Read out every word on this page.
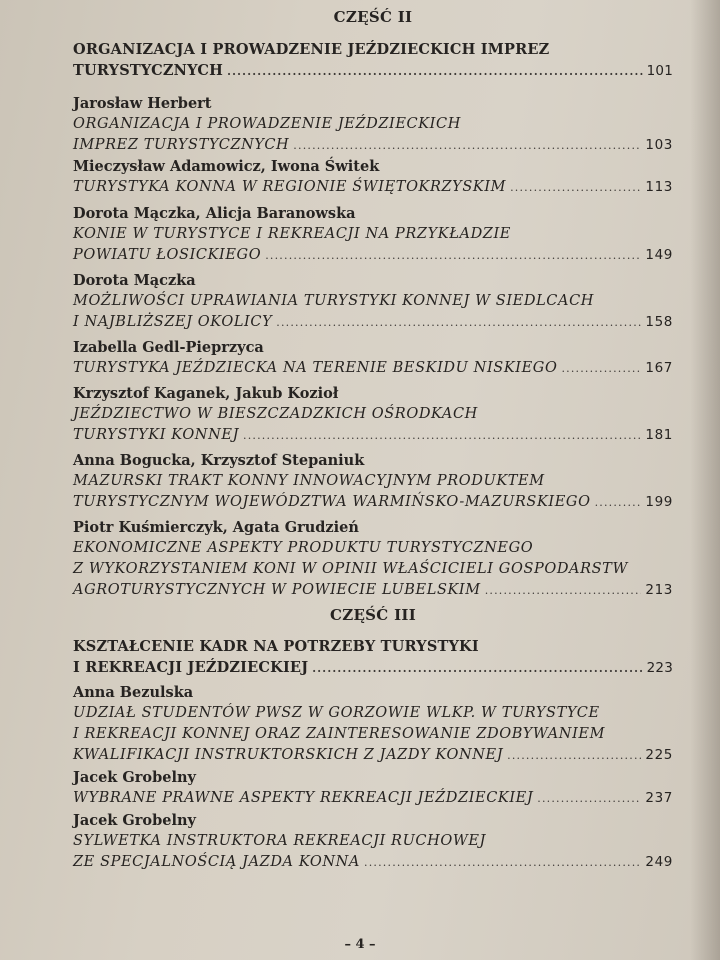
CZĘŚĆ II
ORGANIZACJA I PROWADZENIE JEŹDZIECKICH IMPREZ
TURYSTYCZNYCH .....	101
Jarosław Herbert
ORGANIZACJA I PROWADZENIE JEŹDZIECKICH
IMPREZ TURYSTYCZNYCH .....	103
Mieczysław Adamowicz, Iwona Świtek
TURYSTYKA KONNA W REGIONIE ŚWIĘTOKRZYSKIM .....	113
Dorota Mączka, Alicja Baranowska
KONIE W TURYSTYCE I REKREACJI NA PRZYKŁADZIE
POWIATU ŁOSICKIEGO .....	149
Dorota Mączka
MOŻLIWOŚCI UPRAWIANIA TURYSTYKI KONNEJ W SIEDLCACH
I NAJBLIŻSZEJ OKOLICY .....	158
Izabella Gedl-Pieprzyca
TURYSTYKA JEŹDZIECKA NA TERENIE BESKIDU NISKIEGO .....	167
Krzysztof Kaganek, Jakub Kozioł
JEŹDZIECTWO W BIESZCZADZKICH OŚRODKACH
TURYSTYKI KONNEJ .....	181
Anna Bogucka, Krzysztof Stepaniuk
MAZURSKI TRAKT KONNY INNOWACYJNYM PRODUKTEM
TURYSTYCZNYM WOJEWÓDZTWA WARMIŃSKO-MAZURSKIEGO .....	199
Piotr Kuśmierczyk, Agata Grudzień
EKONOMICZNE ASPEKTY PRODUKTU TURYSTYCZNEGO
Z WYKORZYSTANIEM KONI W OPINII WŁAŚCICIELI GOSPODARSTW
AGROTURYSTYCZNYCH W POWIECIE LUBELSKIM .....	213
CZĘŚĆ III
KSZTAŁCENIE KADR NA POTRZEBY TURYSTYKI
I REKREACJI JEŹDZIECKIEJ .....	223
Anna Bezulska
UDZIAŁ STUDENTÓW PWSZ W GORZOWIE WLKP. W TURYSTYCE
I REKREACJI KONNEJ ORAZ ZAINTERESOWANIE ZDOBYWANIEM
KWALIFIKACJI INSTRUKTORSKICH Z JAZDY KONNEJ .....	225
Jacek Grobelny
WYBRANE PRAWNE ASPEKTY REKREACJI JEŹDZIECKIEJ .....	237
Jacek Grobelny
SYLWETKA INSTRUKTORA REKREACJI RUCHOWEJ
ZE SPECJALNOŚCIĄ JAZDA KONNA .....	249
– 4 –
